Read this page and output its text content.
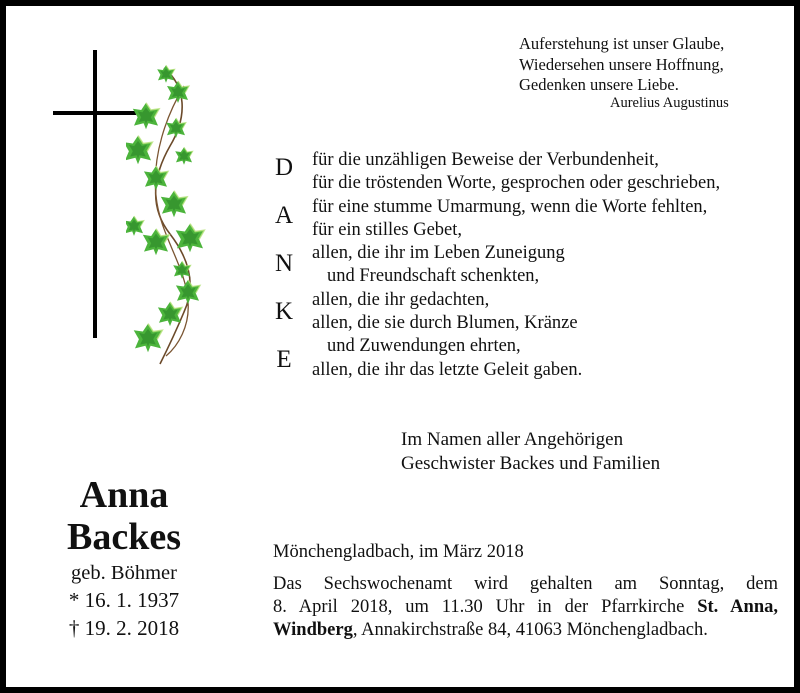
Auferstehung ist unser Glaube,
Wiedersehen unsere Hoffnung,
Gedenken unsere Liebe.
Aurelius Augustinus
D
A
N
K
E
für die unzähligen Beweise der Verbundenheit,
für die tröstenden Worte, gesprochen oder geschrieben,
für eine stumme Umarmung, wenn die Worte fehlten,
für ein stilles Gebet,
allen, die ihr im Leben Zuneigung
und Freundschaft schenkten,
allen, die ihr gedachten,
allen, die sie durch Blumen, Kränze
und Zuwendungen ehrten,
allen, die ihr das letzte Geleit gaben.
Im Namen aller Angehörigen
Geschwister Backes und Familien
Anna
Backes
geb. Böhmer
* 16. 1. 1937
† 19. 2. 2018
Mönchengladbach, im März 2018
Das Sechswochenamt wird gehalten am Sonntag, dem
8. April 2018, um 11.30 Uhr in der Pfarrkirche St. Anna,
Windberg, Annakirchstraße 84, 41063 Mönchengladbach.
